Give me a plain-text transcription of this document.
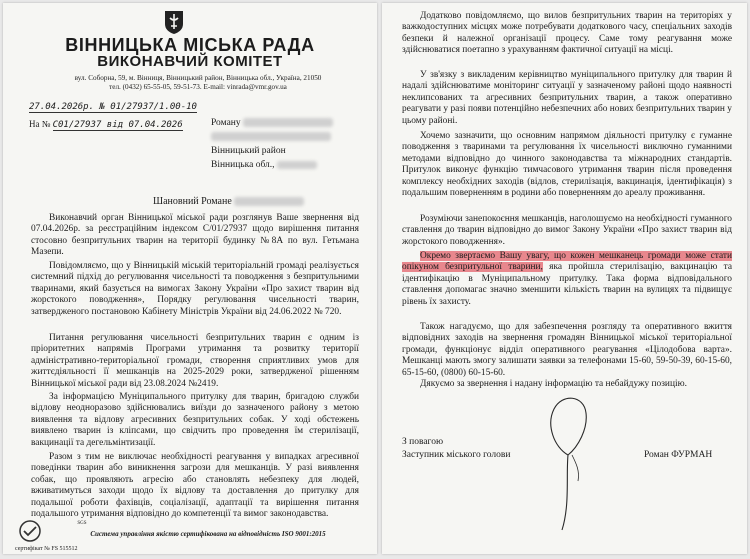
ВІННИЦЬКА МІСЬКА РАДА
ВИКОНАВЧИЙ КОМІТЕТ
вул. Соборна, 59, м. Вінниця, Вінницький район, Вінницька обл., Україна, 21050
тел. (0432) 65-55-05, 59-51-73. E-mail: vinrada@vmr.gov.ua
27.04.2026р. № 01/27937/1.00-10
На № С01/27937 від 07.04.2026	Роману
Вінницький район
Вінницька обл.,
Шановний Романе

Виконавчий орган Вінницької міської ради розглянув Ваше звернення від 07.04.2026р. за реєстраційним індексом С/01/27937 щодо вирішення питання стосовно безпритульних тварин на території будинку №8А по вул. Гетьмана Мазепи.

Повідомляємо, що у Вінницькій міській територіальній громаді реалізується системний підхід до регулювання чисельності та поводження з безпритульними тваринами, який базується на вимогах Закону України «Про захист тварин від жорстокого поводження», Порядку регулювання чисельності тварин, затвердженого постановою Кабінету Міністрів України від 24.06.2022 № 720.

Питання регулювання чисельності безпритульних тварин є одним із пріоритетних напрямів Програми утримання та розвитку території адміністративно-територіальної громади, створення сприятливих умов для життєдіяльності її мешканців на 2025-2029 роки, затвердженої рішенням Вінницької міської ради від 23.08.2024 №2419.

За інформацією Муніципального притулку для тварин, бригадою служби відлову неодноразово здійснювались виїзди до зазначеного району з метою виявлення та відлову агресивних безпритульних собак. У ході обстежень виявлено тварин із кліпсами, що свідчить про проведення їм стерилізації, вакцинації та дегельмінтизації.

Разом з тим не виключає необхідності реагування у випадках агресивної поведінки тварин або виникнення загрози для мешканців. У разі виявлення собак, що проявляють агресію або становлять небезпеку для людей, вживатимуться заходи щодо їх відлову та доставлення до притулку для подальшої роботи фахівців, соціалізації, адаптації та вирішення питання подальшого утримання відповідно до компетенції та вимог законодавства.

SGS
Система управління якістю сертифікована на відповідність ISO 9001:2015
сертифікат № FS 515512

Додатково повідомляємо, що вилов безпритульних тварин на територіях у важкодоступних місцях може потребувати додаткового часу, спеціальних заходів безпеки й належної організації процесу. Саме тому реагування може здійснюватися поетапно з урахуванням фактичної ситуації на місці.

У зв'язку з викладеним керівництво муніципального притулку для тварин й надалі здійснюватиме моніторинг ситуації у зазначеному районі щодо наявності неклипсованих та агресивних безпритульних тварин, а також оперативно реагувати у разі появи потенційно небезпечних або нових безпритульних тварин у цьому районі.

Хочемо зазначити, що основним напрямом діяльності притулку є гуманне поводження з тваринами та регулювання їх чисельності виключно гуманними методами відповідно до чинного законодавства та міжнародних стандартів. Притулок виконує функцію тимчасового утримання тварин після проведення комплексу необхідних заходів (відлов, стерилізація, вакцинація, ідентифікація) з подальшим поверненням в родини або поверненням до ареалу проживання.

Розуміючи занепокоєння мешканців, наголошуємо на необхідності гуманного ставлення до тварин відповідно до вимог Закону України «Про захист тварин від жорстокого поводження».

Окремо звертаємо Вашу увагу, що кожен мешканець громади може стати опікуном безпритульної тварини, яка пройшла стерилізацію, вакцинацію та ідентифікацію в Муніципальному притулку. Така форма відповідального ставлення допомагає значно зменшити кількість тварин на вулицях та підвищує рівень їх захисту.

Також нагадуємо, що для забезпечення розгляду та оперативного вжиття відповідних заходів на звернення громадян Вінницької міської територіальної громади, функціонує відділ оперативного реагування «Цілодобова варта». Мешканці мають змогу залишати заявки за телефонами 15-60, 59-50-39, 60-15-60, 65-15-60, (0800) 60-15-60.

Дякуємо за звернення і надану інформацію та небайдужу позицію.

З повагою
Заступник міського голови	Роман ФУРМАН
